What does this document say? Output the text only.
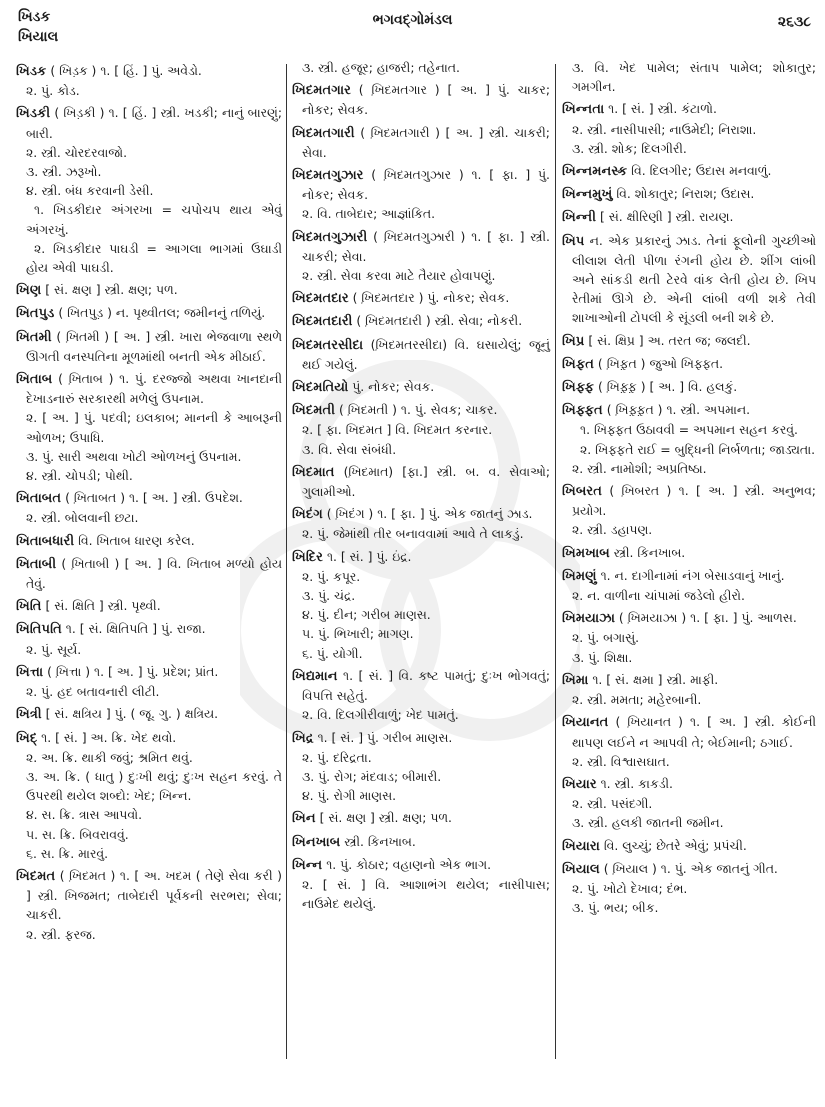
ખિડક
ખિયાલ
ભગવદ્ગોમંડલ	૨૬૩૮

ખિડક ( ખિડ઼ક ) ૧. [ હિં. ] પું. અવેડો.

૨. પું. કોડ.

ખિડકી ( ખિડ઼કી ) ૧. [ હિં. ] સ્ત્રી. ખડકી; નાનું બારણું; બારી.

૨. સ્ત્રી. ચોરદરવાજો.

૩. સ્ત્રી. ઝરૂખો.

૪. સ્ત્રી. બંધ કરવાની ડેસી.

૧. ખિડકીદાર અંગરખા = ચપોચપ થાય એવું અંગરખું.

૨. ખિડકીદાર પાઘડી = આગલા ભાગમાં ઉઘાડી હોય એવી પાઘડી.

ખિણ [ સં. ક્ષણ ] સ્ત્રી. ક્ષણ; પળ.

ખિતપુડ ( ખિતપુડ઼ ) ન. પૃથ્વીતલ; જમીનનું તળિયું.

ખિતમી ( ખિ઼તમી ) [ અ. ] સ્ત્રી. ખારા ભેજવાળા સ્થળે ઊગતી વનસ્પતિના મૂળમાંથી બનતી એક મીઠાઈ.

ખિતાબ ( ખિ઼તાબ ) ૧. પું. દરજ્જો અથવા ખાનદાની દેખાડનારું સરકારથી મળેલું ઉપનામ.

૨. [ અ. ] પું. પદવી; ઇલકાબ; માનની કે આબરૂની ઓળખ; ઉપાધિ.

૩. પું. સારી અથવા ખોટી ઓળખનું ઉપનામ.

૪. સ્ત્રી. ચોપડી; પોથી.

ખિતાબત ( ખિ઼તાબત ) ૧. [ અ. ] સ્ત્રી. ઉપદેશ.

૨. સ્ત્રી. બોલવાની છટા.

ખિતાબધારી વિ. ખિતાબ ધારણ કરેલ.

ખિતાબી ( ખિ઼તાબી ) [ અ. ] વિ. ખિતાબ મળ્યો હોય તેવું.

ખિતિ [ સં. ક્ષિતિ ] સ્ત્રી. પૃથ્વી.

ખિતિપતિ ૧. [ સં. ક્ષિતિપતિ ] પું. રાજા.

૨. પું. સૂર્ય.

ખિત્તા ( ખિ઼ત્તા ) ૧. [ અ. ] પું. પ્રદેશ; પ્રાંત.

૨. પું. હદ બતાવનારી લીટી.

ખિત્રી [ સં. ક્ષત્રિય ] પું. ( જૂ. ગુ. ) ક્ષત્રિય.

ખિદ્ ૧. [ સં. ] અ. ક્રિ. ખેદ થવો.

૨. અ. ક્રિ. થાકી જવું; શ્રમિત થવું.

૩. અ. ક્રિ. ( ધાતુ ) દુઃખી થવું; દુઃખ સહન કરવું. તે ઉપરથી થયેલ શબ્દો: ખેદ; ખિન્ન.

૪. સ. ક્રિ. ત્રાસ આપવો.

૫. સ. ક્રિ. બિવરાવવું.

૬. સ. ક્રિ. મારવું.

ખિદમત ( ખિ઼દમત ) ૧. [ અ. ખદમ ( તેણે સેવા કરી ) ] સ્ત્રી. ખિજમત; તાબેદારી પૂર્વકની સરભરા; સેવા; ચાકરી.

૨. સ્ત્રી. ફરજ.

૩. સ્ત્રી. હજૂર; હાજરી; તહેનાત.

ખિદમતગાર ( ખિ઼દમતગાર ) [ અ. ] પું. ચાકર; નોકર; સેવક.

ખિદમતગારી ( ખિ઼દમતગારી ) [ અ. ] સ્ત્રી. ચાકરી; સેવા.

ખિદમતગુઝાર ( ખિ઼દમતગુઝાર ) ૧. [ ફા. ] પું. નોકર; સેવક.

૨. વિ. તાબેદાર; આજ્ઞાંકિત.

ખિદમતગુઝારી ( ખિ઼દમતગુઝારી ) ૧. [ ફા. ] સ્ત્રી. ચાકરી; સેવા.

૨. સ્ત્રી. સેવા કરવા માટે તૈયાર હોવાપણું.

ખિદમતદાર ( ખિ઼દમતદાર ) પું. નોકર; સેવક.

ખિદમતદારી ( ખિ઼દમતદારી ) સ્ત્રી. સેવા; નોકરી.

ખિદમતરસીદા (ખિ઼દમતરસીદા) વિ. ઘસાયેલું; જૂનું થઈ ગયેલું.

ખિદમતિયો પું. નોકર; સેવક.

ખિદમતી ( ખિ઼દમતી ) ૧. પું. સેવક; ચાકર.

૨. [ ફા. ખિદમત ] વિ. ખિદમત કરનાર.

૩. વિ. સેવા સંબંધી.

ખિદમાત (ખિ઼દમાત) [ફા.] સ્ત્રી. બ. વ. સેવાઓ; ગુલામીઓ.

ખિદંગ ( ખિ઼દંગ ) ૧. [ ફા. ] પું. એક જાતનું ઝાડ.

૨. પું. જેમાંથી તીર બનાવવામાં આવે તે લાકડું.

ખિદિર ૧. [ સં. ] પું. ઇંદ્ર.

૨. પું. કપૂર.

૩. પું. ચંદ્ર.

૪. પું. દીન; ગરીબ માણસ.

૫. પું. ભિખારી; માગણ.

૬. પું. યોગી.

ખિદ્યમાન ૧. [ સં. ] વિ. કષ્ટ પામતું; દુઃખ ભોગવતું; વિપત્તિ સહેતું.

૨. વિ. દિલગીરીવાળું; ખેદ પામતું.

ખિદ્ર ૧. [ સં. ] પું. ગરીબ માણસ.

૨. પું. દરિદ્રતા.

૩. પું. રોગ; મંદવાડ; બીમારી.

૪. પું. રોગી માણસ.

ખિન [ સં. ક્ષણ ] સ્ત્રી. ક્ષણ; પળ.

ખિનખાબ સ્ત્રી. કિનખાબ.

ખિન્ન ૧. પું. કોઠાર; વહાણનો એક ભાગ.

૨. [ સં. ] વિ. આશાભંગ થયેલ; નાસીપાસ; નાઉમેદ થયેલું.

૩. વિ. ખેદ પામેલ; સંતાપ પામેલ; શોકાતુર; ગમગીન.

ખિન્નતા ૧. [ સં. ] સ્ત્રી. કંટાળો.

૨. સ્ત્રી. નાસીપાસી; નાઉમેદી; નિરાશા.

૩. સ્ત્રી. શોક; દિલગીરી.

ખિન્નમનસ્ક વિ. દિલગીર; ઉદાસ મનવાળું.

ખિન્નમુખું વિ. શોકાતુર; નિરાશ; ઉદાસ.

ખિન્ની [ સં. ક્ષીરિણી ] સ્ત્રી. રાયણ.

ખિપ ન. એક પ્રકારનું ઝાડ. તેનાં ફૂલોની ગુચ્છીઓ લીલાશ લેતી પીળા રંગની હોય છે. શીંગ લાંબી અને સાંકડી થતી ટેરવે વાંક લેતી હોય છે. ખિપ રેતીમાં ઊગે છે. એની લાંબી વળી શકે તેવી શાખાઓની ટોપલી કે સૂંડલી બની શકે છે.

ખિપ્ર [ સં. ક્ષિપ્ર ] અ. તરત જ; જલદી.

ખિફત ( ખિ઼ફ઼ત ) જુઓ ખિફ્ફત.

ખિફ્ફ ( ખિ઼ફ઼્ફ઼ ) [ અ. ] વિ. હલકું.

ખિફ્ફત ( ખિ઼ફ઼્ફ઼ત ) ૧. સ્ત્રી. અપમાન.

૧. ખિફ્ફત ઉઠાવવી = અપમાન સહન કરવું.

૨. ખિફ્ફતે રાઈ = બુદ્ધિની નિર્બળતા; જાડ્યતા.

૨. સ્ત્રી. નામોશી; અપ્રતિષ્ઠા.

ખિબરત ( ખિ઼બરત ) ૧. [ અ. ] સ્ત્રી. અનુભવ; પ્રયોગ.

૨. સ્ત્રી. ડહાપણ.

ખિમખાબ સ્ત્રી. કિનખાબ.

ખિમણું ૧. ન. દાગીનામાં નંગ બેસાડવાનું ખાનું.

૨. ન. વાળીના ચાંપામાં જડેલો હીરો.

ખિમયાઝા ( ખિ઼મયાઝા ) ૧. [ ફા. ] પું. આળસ.

૨. પું. બગાસું.

૩. પું. શિક્ષા.

ખિમા ૧. [ સં. ક્ષમા ] સ્ત્રી. માફી.

૨. સ્ત્રી. મમતા; મહેરબાની.

ખિયાનત ( ખિ઼યાનત ) ૧. [ અ. ] સ્ત્રી. કોઈની થાપણ લઈને ન આપવી તે; બેઈમાની; ઠગાઈ.

૨. સ્ત્રી. વિશ્વાસઘાત.

ખિયાર ૧. સ્ત્રી. કાકડી.

૨. સ્ત્રી. પસંદગી.

૩. સ્ત્રી. હલકી જાતની જમીન.

ખિયારા વિ. લુચ્ચું; છેતરે એવું; પ્રપંચી.

ખિયાલ ( ખિ઼યાલ ) ૧. પું. એક જાતનું ગીત.

૨. પું. ખોટો દેખાવ; દંભ.

૩. પું. ભય; બીક.
